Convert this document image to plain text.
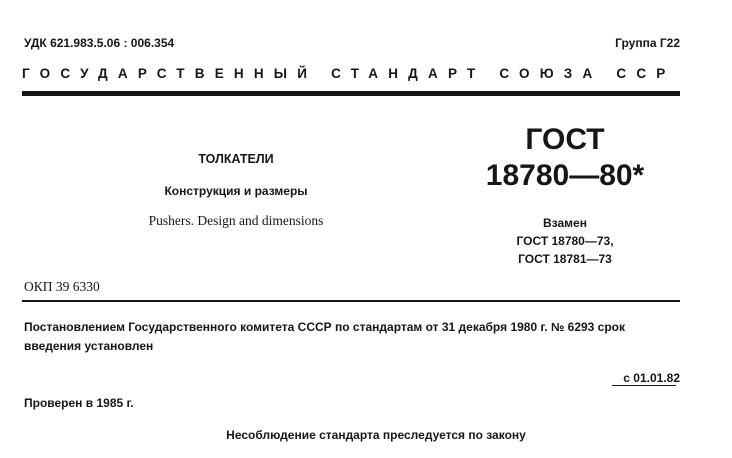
УДК 621.983.5.06 : 006.354	Группа Г22
ГОСУДАРСТВЕННЫЙ СТАНДАРТ СОЮЗА ССР
ТОЛКАТЕЛИ
Конструкция и размеры
Pushers. Design and dimensions
ГОСТ
18780—80*
Взамен
ГОСТ 18780—73,
ГОСТ 18781—73
ОКП 39 6330
Постановлением Государственного комитета СССР по стандартам от 31 декабря 1980 г. № 6293 срок введения установлен
с 01.01.82
Проверен в 1985 г.
Несоблюдение стандарта преследуется по закону
